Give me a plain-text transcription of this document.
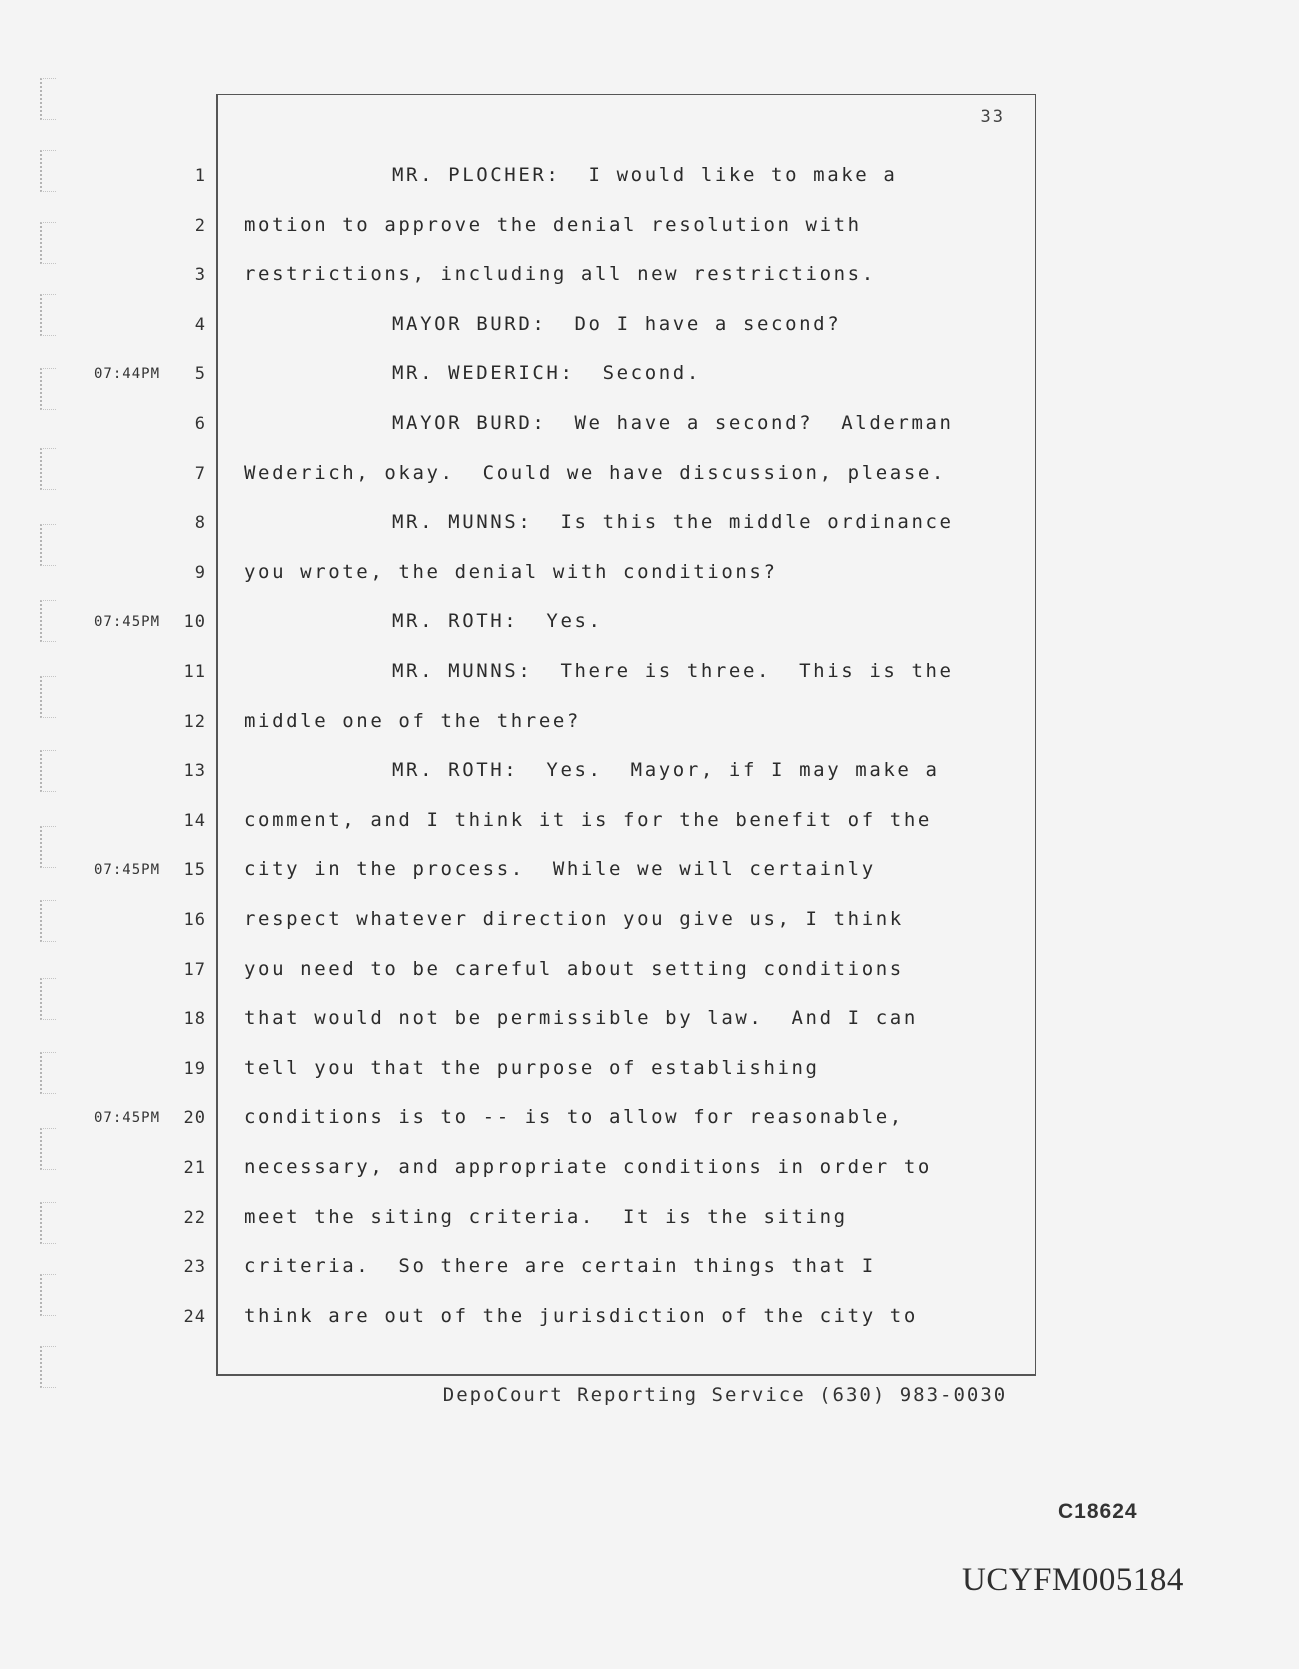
33
1	MR. PLOCHER:  I would like to make a
2 motion to approve the denial resolution with
3 restrictions, including all new restrictions.
4	MAYOR BURD:  Do I have a second?
07:44PM	5	MR. WEDERICH:  Second.
6	MAYOR BURD:  We have a second?  Alderman
7 Wederich, okay.  Could we have discussion, please.
8	MR. MUNNS:  Is this the middle ordinance
9 you wrote, the denial with conditions?
07:45PM	10	MR. ROTH:  Yes.
11	MR. MUNNS:  There is three.  This is the
12 middle one of the three?
13	MR. ROTH:  Yes.  Mayor, if I may make a
14 comment, and I think it is for the benefit of the
07:45PM	15 city in the process.  While we will certainly
16 respect whatever direction you give us, I think
17 you need to be careful about setting conditions
18 that would not be permissible by law.  And I can
19 tell you that the purpose of establishing
07:45PM	20 conditions is to -- is to allow for reasonable,
21 necessary, and appropriate conditions in order to
22 meet the siting criteria.  It is the siting
23 criteria.  So there are certain things that I
24 think are out of the jurisdiction of the city to
DepoCourt Reporting Service (630) 983-0030
C18624
UCYFM005184
